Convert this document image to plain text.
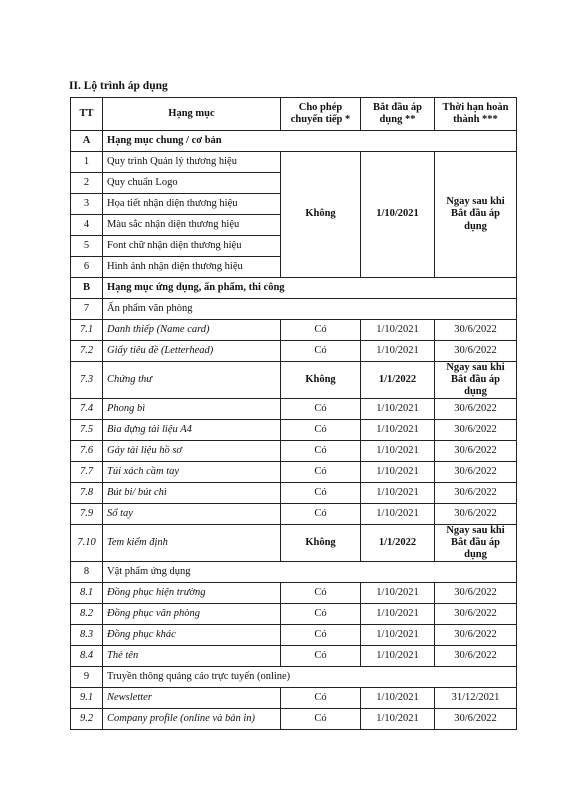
II. Lộ trình áp dụng
TT	Hạng mục	Cho phép chuyển tiếp *	Bắt đầu áp dụng **	Thời hạn hoàn thành ***
A	Hạng mục chung / cơ bản			
1	Quy trình Quản lý thương hiệu	Không	1/10/2021	Ngay sau khi Bắt đầu áp dụng
2	Quy chuẩn Logo			
3	Họa tiết nhận diện thương hiệu			
4	Màu sắc nhận diện thương hiệu			
5	Font chữ nhận diện thương hiệu			
6	Hình ảnh nhận diện thương hiệu			
B	Hạng mục ứng dụng, ấn phẩm, thi công			
7	Ấn phẩm văn phòng			
7.1	Danh thiếp (Name card)	Có	1/10/2021	30/6/2022
7.2	Giấy tiêu đề (Letterhead)	Có	1/10/2021	30/6/2022
7.3	Chứng thư	Không	1/1/2022	Ngay sau khi Bắt đầu áp dụng
7.4	Phong bì	Có	1/10/2021	30/6/2022
7.5	Bìa đựng tài liệu A4	Có	1/10/2021	30/6/2022
7.6	Gáy tài liệu hồ sơ	Có	1/10/2021	30/6/2022
7.7	Túi xách cầm tay	Có	1/10/2021	30/6/2022
7.8	Bút bi/ bút chì	Có	1/10/2021	30/6/2022
7.9	Sổ tay	Có	1/10/2021	30/6/2022
7.10	Tem kiểm định	Không	1/1/2022	Ngay sau khi Bắt đầu áp dụng
8	Vật phẩm ứng dụng			
8.1	Đồng phục hiện trường	Có	1/10/2021	30/6/2022
8.2	Đồng phục văn phòng	Có	1/10/2021	30/6/2022
8.3	Đồng phục khác	Có	1/10/2021	30/6/2022
8.4	Thẻ tên	Có	1/10/2021	30/6/2022
9	Truyền thông quảng cáo trực tuyến (online)			
9.1	Newsletter	Có	1/10/2021	31/12/2021
9.2	Company profile (online và bản in)	Có	1/10/2021	30/6/2022
